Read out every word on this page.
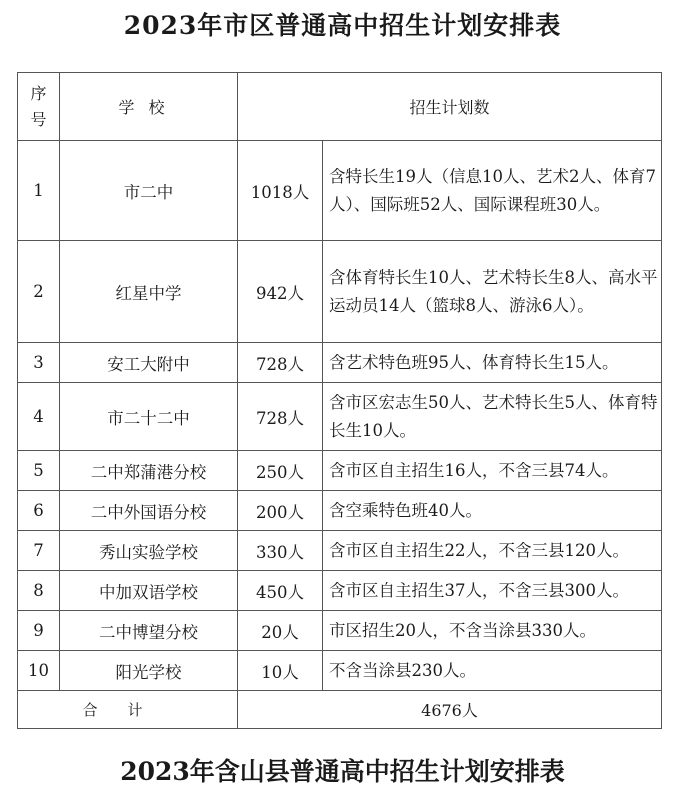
2023年市区普通高中招生计划安排表
序
号	学校	招生计划数	
1	市二中	1018人	含特长生19人（信息10人、艺术2人、体育7人）、国际班52人、国际课程班30人。
2	红星中学	942人	含体育特长生10人、艺术特长生8人、高水平运动员14人（篮球8人、游泳6人）。
3	安工大附中	728人	含艺术特色班95人、体育特长生15人。
4	市二十二中	728人	含市区宏志生50人、艺术特长生5人、体育特长生10人。
5	二中郑蒲港分校	250人	含市区自主招生16人，不含三县74人。
6	二中外国语分校	200人	含空乘特色班40人。
7	秀山实验学校	330人	含市区自主招生22人，不含三县120人。
8	中加双语学校	450人	含市区自主招生37人，不含三县300人。
9	二中博望分校	20人	市区招生20人，不含当涂县330人。
10	阳光学校	10人	不含当涂县230人。
合计		4676人	
2023年含山县普通高中招生计划安排表
